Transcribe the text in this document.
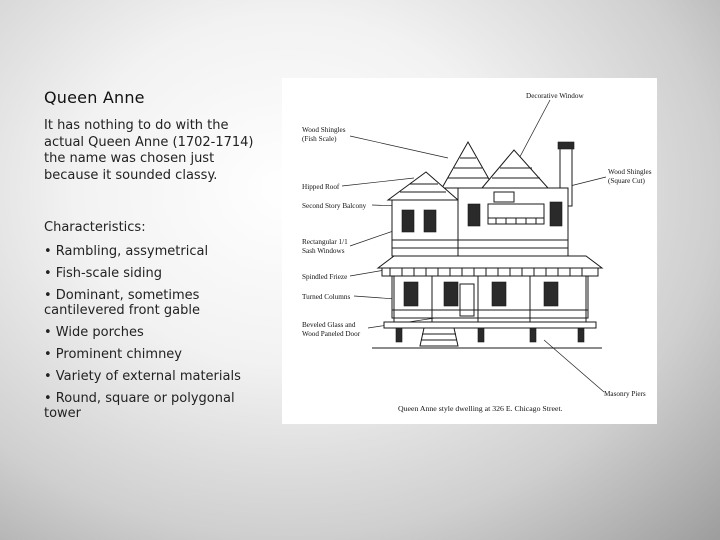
Queen Anne
It has nothing to do with the actual Queen Anne (1702-1714) the name was chosen just because it sounded classy.
Characteristics:
• Rambling, assymetrical
• Fish-scale siding
• Dominant, sometimes cantilevered front gable
• Wide porches
• Prominent chimney
• Variety of external materials
• Round, square or polygonal tower
Decorative Window
Wood Shingles
(Fish Scale)
Wood Shingles
(Square Cut)
Hipped Roof
Second Story Balcony
Rectangular 1/1
Sash Windows
Spindled Frieze
Turned Columns
Beveled Glass and
Wood Paneled Door
Masonry Piers
Queen Anne style dwelling at 326 E. Chicago Street.
